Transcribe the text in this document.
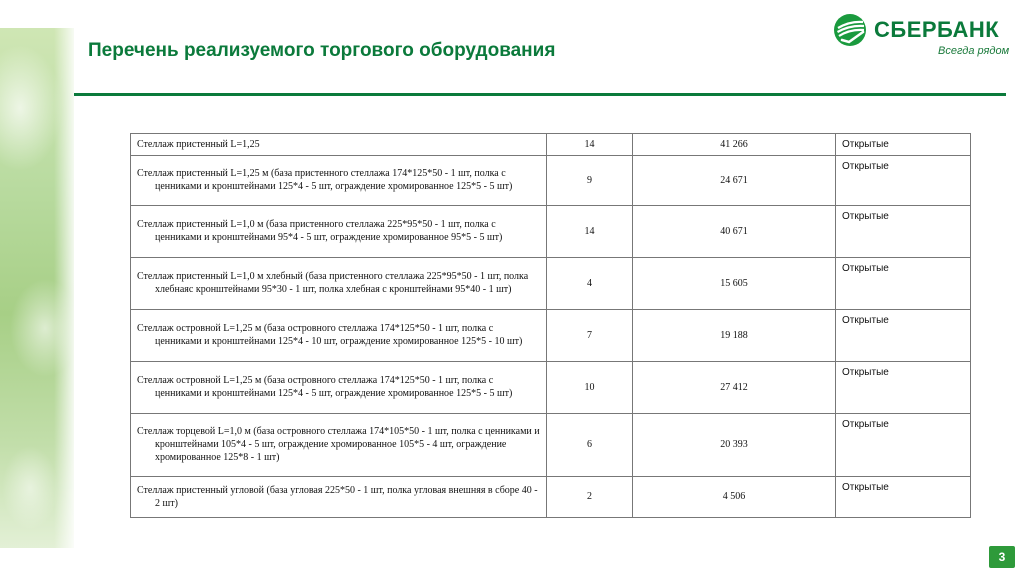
Перечень реализуемого торгового оборудования
СБЕРБАНК
Всегда рядом
Стеллаж пристенный L=1,25	14	41 266	Открытые

Стеллаж пристенный L=1,25 м (база пристенного стеллажа 174*125*50 - 1 шт, полка с ценниками и кронштейнами 125*4 - 5 шт, ограждение хромированное 125*5 - 5 шт)	9	24 671	Открытые

Стеллаж пристенный L=1,0 м (база пристенного стеллажа 225*95*50 - 1 шт, полка с ценниками и кронштейнами 95*4 - 5 шт, ограждение хромированное 95*5 - 5 шт)	14	40 671	Открытые

Стеллаж пристенный L=1,0 м хлебный (база пристенного стеллажа 225*95*50 - 1 шт, полка хлебнаяс кронштейнами 95*30 - 1 шт, полка хлебная с кронштейнами 95*40 - 1 шт)	4	15 605	Открытые

Стеллаж островной L=1,25 м (база островного стеллажа 174*125*50 - 1 шт, полка с ценниками и кронштейнами 125*4 - 10 шт, ограждение хромированное 125*5 - 10 шт)	7	19 188	Открытые

Стеллаж островной L=1,25 м (база островного стеллажа 174*125*50 - 1 шт, полка с ценниками и кронштейнами 125*4 - 5 шт, ограждение хромированное 125*5 - 5 шт)	10	27 412	Открытые

Стеллаж торцевой L=1,0 м (база островного стеллажа 174*105*50 - 1 шт, полка с ценниками и кронштейнами 105*4 - 5 шт, ограждение хромированное 105*5 - 4 шт, ограждение хромированное 125*8 - 1 шт)	6	20 393	Открытые

Стеллаж пристенный угловой (база угловая 225*50 - 1 шт, полка угловая внешняя в сборе 40 - 2 шт)	2	4 506	Открытые
3
